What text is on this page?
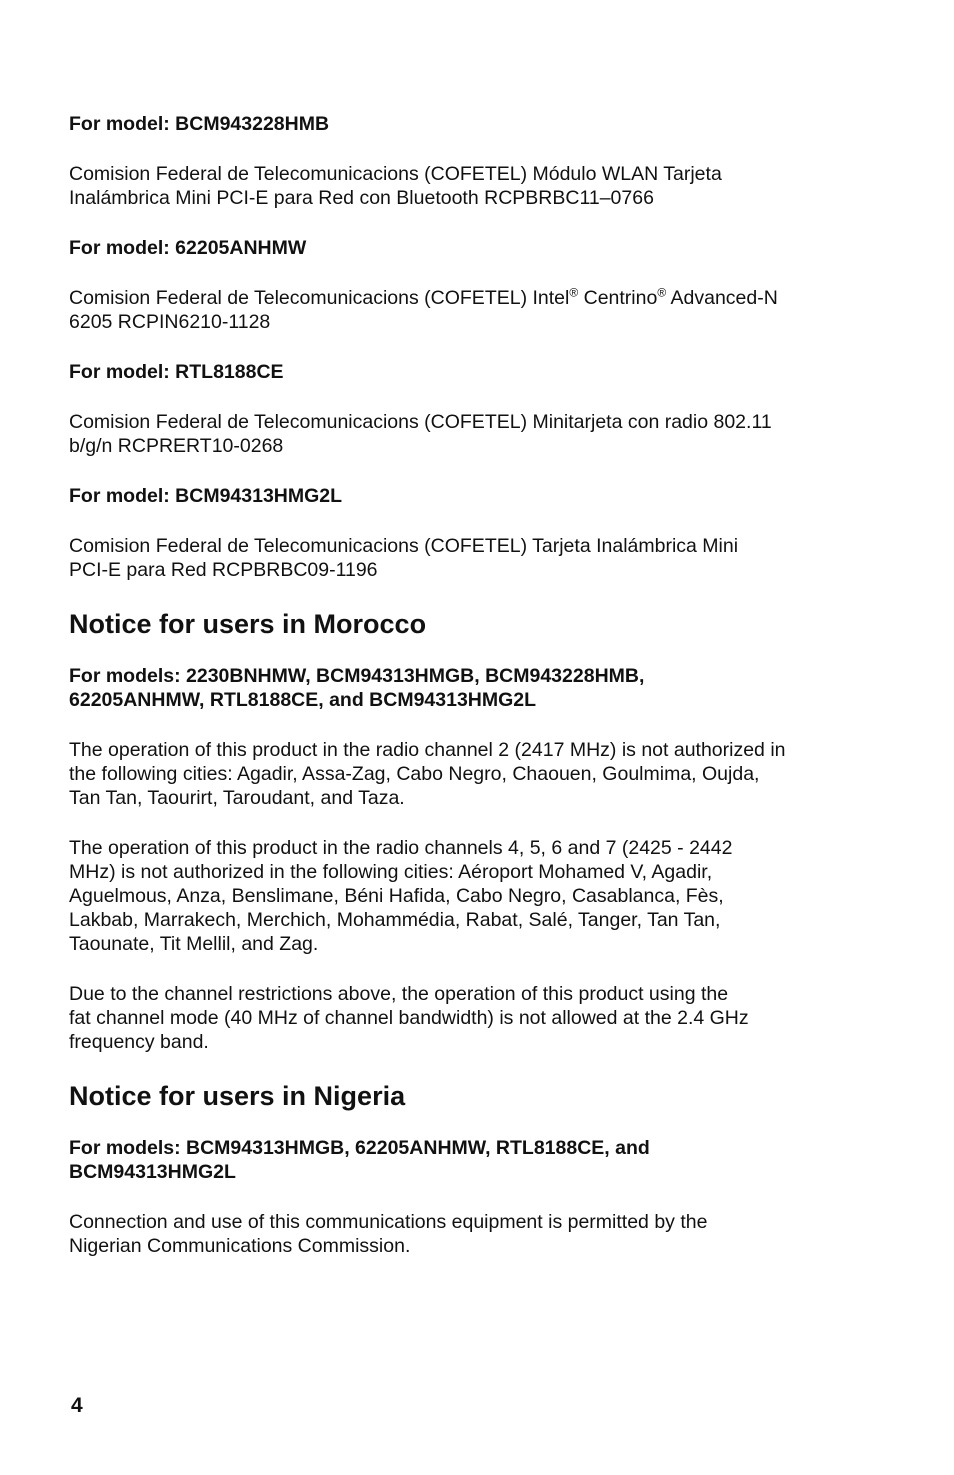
For model: BCM943228HMB
Comision Federal de Telecomunicacions (COFETEL) Módulo WLAN Tarjeta
Inalámbrica Mini PCI-E para Red con Bluetooth RCPBRBC11–0766
For model: 62205ANHMW
Comision Federal de Telecomunicacions (COFETEL) Intel® Centrino® Advanced-N
6205 RCPIN6210-1128
For model: RTL8188CE
Comision Federal de Telecomunicacions (COFETEL) Minitarjeta con radio 802.11
b/g/n RCPRERT10-0268
For model: BCM94313HMG2L
Comision Federal de Telecomunicacions (COFETEL) Tarjeta Inalámbrica Mini
PCI-E para Red RCPBRBC09-1196
Notice for users in Morocco
For models: 2230BNHMW, BCM94313HMGB, BCM943228HMB,
62205ANHMW, RTL8188CE, and BCM94313HMG2L
The operation of this product in the radio channel 2 (2417 MHz) is not authorized in
the following cities: Agadir, Assa-Zag, Cabo Negro, Chaouen, Goulmima, Oujda,
Tan Tan, Taourirt, Taroudant, and Taza.
The operation of this product in the radio channels 4, 5, 6 and 7 (2425 - 2442
MHz) is not authorized in the following cities: Aéroport Mohamed V, Agadir,
Aguelmous, Anza, Benslimane, Béni Hafida, Cabo Negro, Casablanca, Fès,
Lakbab, Marrakech, Merchich, Mohammédia, Rabat, Salé, Tanger, Tan Tan,
Taounate, Tit Mellil, and Zag.
Due to the channel restrictions above, the operation of this product using the
fat channel mode (40 MHz of channel bandwidth) is not allowed at the 2.4 GHz
frequency band.
Notice for users in Nigeria
For models: BCM94313HMGB, 62205ANHMW, RTL8188CE, and
BCM94313HMG2L
Connection and use of this communications equipment is permitted by the
Nigerian Communications Commission.
4
